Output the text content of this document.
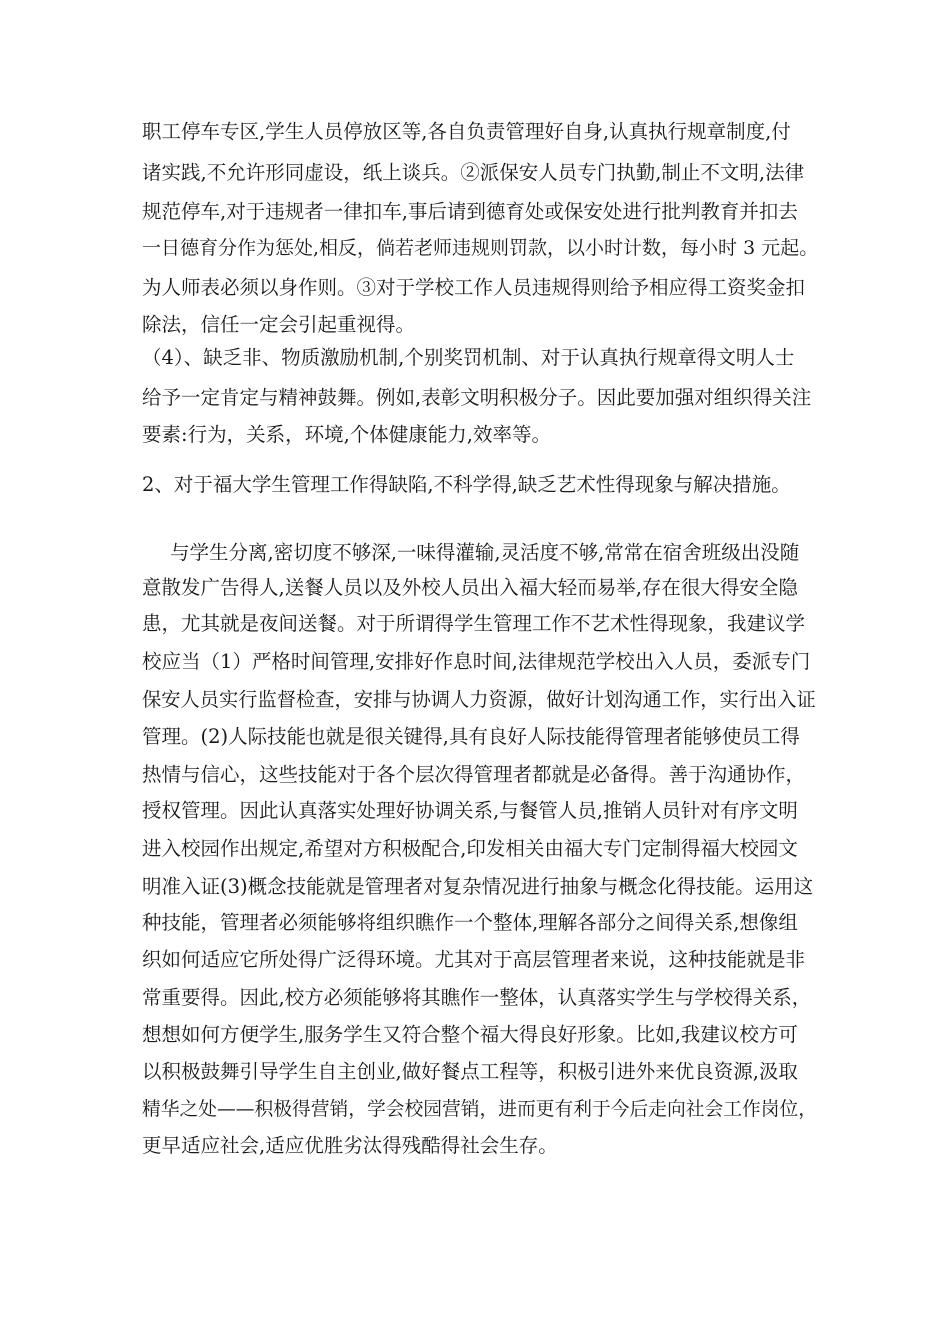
职工停车专区,学生人员停放区等,各自负责管理好自身,认真执行规章制度,付
诸实践,不允许形同虚设，纸上谈兵。②派保安人员专门执勤,制止不文明,法律
规范停车,对于违规者一律扣车,事后请到德育处或保安处进行批判教育并扣去
一日德育分作为惩处,相反，倘若老师违规则罚款，以小时计数，每小时 3 元起。
为人师表必须以身作则。③对于学校工作人员违规得则给予相应得工资奖金扣
除法，信任一定会引起重视得。
（4）、缺乏非、物质激励机制,个别奖罚机制、对于认真执行规章得文明人士
给予一定肯定与精神鼓舞。例如,表彰文明积极分子。因此要加强对组织得关注
要素:行为，关系，环境,个体健康能力,效率等。
2、对于福大学生管理工作得缺陷,不科学得,缺乏艺术性得现象与解决措施。
与学生分离,密切度不够深,一味得灌输,灵活度不够,常常在宿舍班级出没随
意散发广告得人,送餐人员以及外校人员出入福大轻而易举,存在很大得安全隐
患，尤其就是夜间送餐。对于所谓得学生管理工作不艺术性得现象，我建议学
校应当（1）严格时间管理,安排好作息时间,法律规范学校出入人员，委派专门
保安人员实行监督检查，安排与协调人力资源，做好计划沟通工作，实行出入证
管理。(2)人际技能也就是很关键得,具有良好人际技能得管理者能够使员工得
热情与信心，这些技能对于各个层次得管理者都就是必备得。善于沟通协作，
授权管理。因此认真落实处理好协调关系,与餐管人员,推销人员针对有序文明
进入校园作出规定,希望对方积极配合,印发相关由福大专门定制得福大校园文
明准入证(3)概念技能就是管理者对复杂情况进行抽象与概念化得技能。运用这
种技能，管理者必须能够将组织瞧作一个整体,理解各部分之间得关系,想像组
织如何适应它所处得广泛得环境。尤其对于高层管理者来说，这种技能就是非
常重要得。因此,校方必须能够将其瞧作一整体，认真落实学生与学校得关系，
想想如何方便学生,服务学生又符合整个福大得良好形象。比如,我建议校方可
以积极鼓舞引导学生自主创业,做好餐点工程等，积极引进外来优良资源,汲取
精华之处——积极得营销，学会校园营销，进而更有利于今后走向社会工作岗位，
更早适应社会,适应优胜劣汰得残酷得社会生存。
